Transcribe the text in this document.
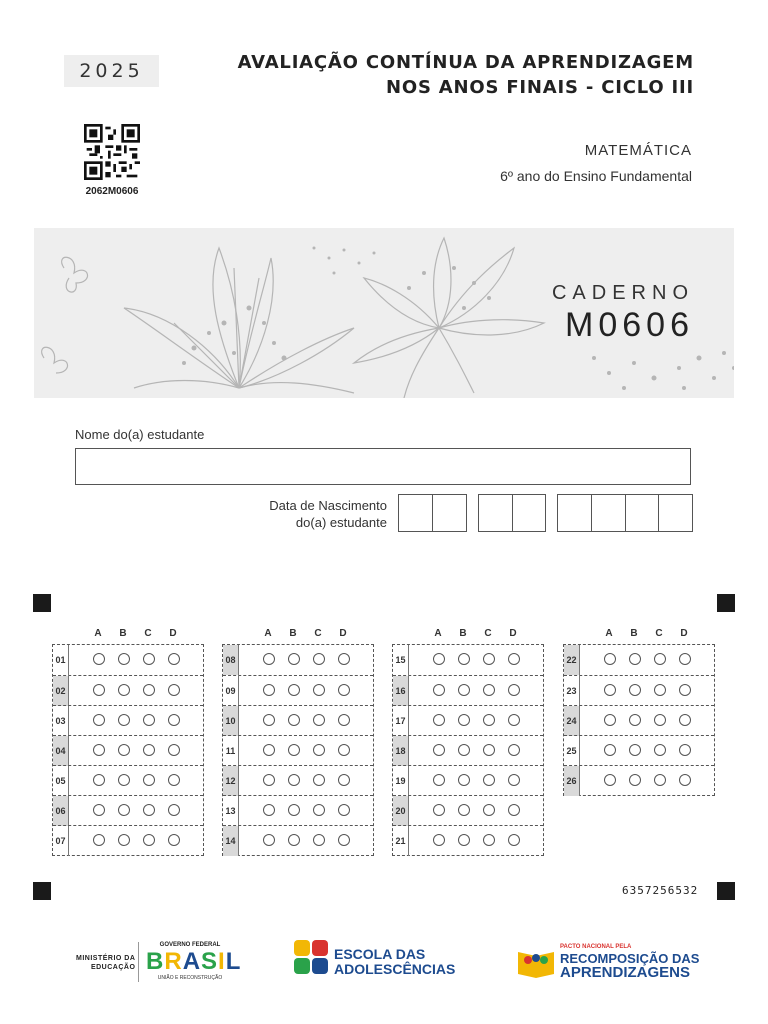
2025	AVALIAÇÃO CONTÍNUA DA APRENDIZAGEM
NOS ANOS FINAIS - CICLO III
2062M0606
MATEMÁTICA
6º ano do Ensino Fundamental
CADERNO
M0606
Nome do(a) estudante
Data de Nascimento
do(a) estudante
A	B	C	D
01
02
03
04
05
06
07
A	B	C	D
08
09
10
11
12
13
14
A	B	C	D
15
16
17
18
19
20
21
A	B	C	D
22
23
24
25
26
6357256532
MINISTÉRIO DA
EDUCAÇÃO
GOVERNO FEDERAL
BRASIL
UNIÃO E RECONSTRUÇÃO
ESCOLA DAS
ADOLESCÊNCIAS
PACTO NACIONAL PELA
RECOMPOSIÇÃO DAS
APRENDIZAGENS
